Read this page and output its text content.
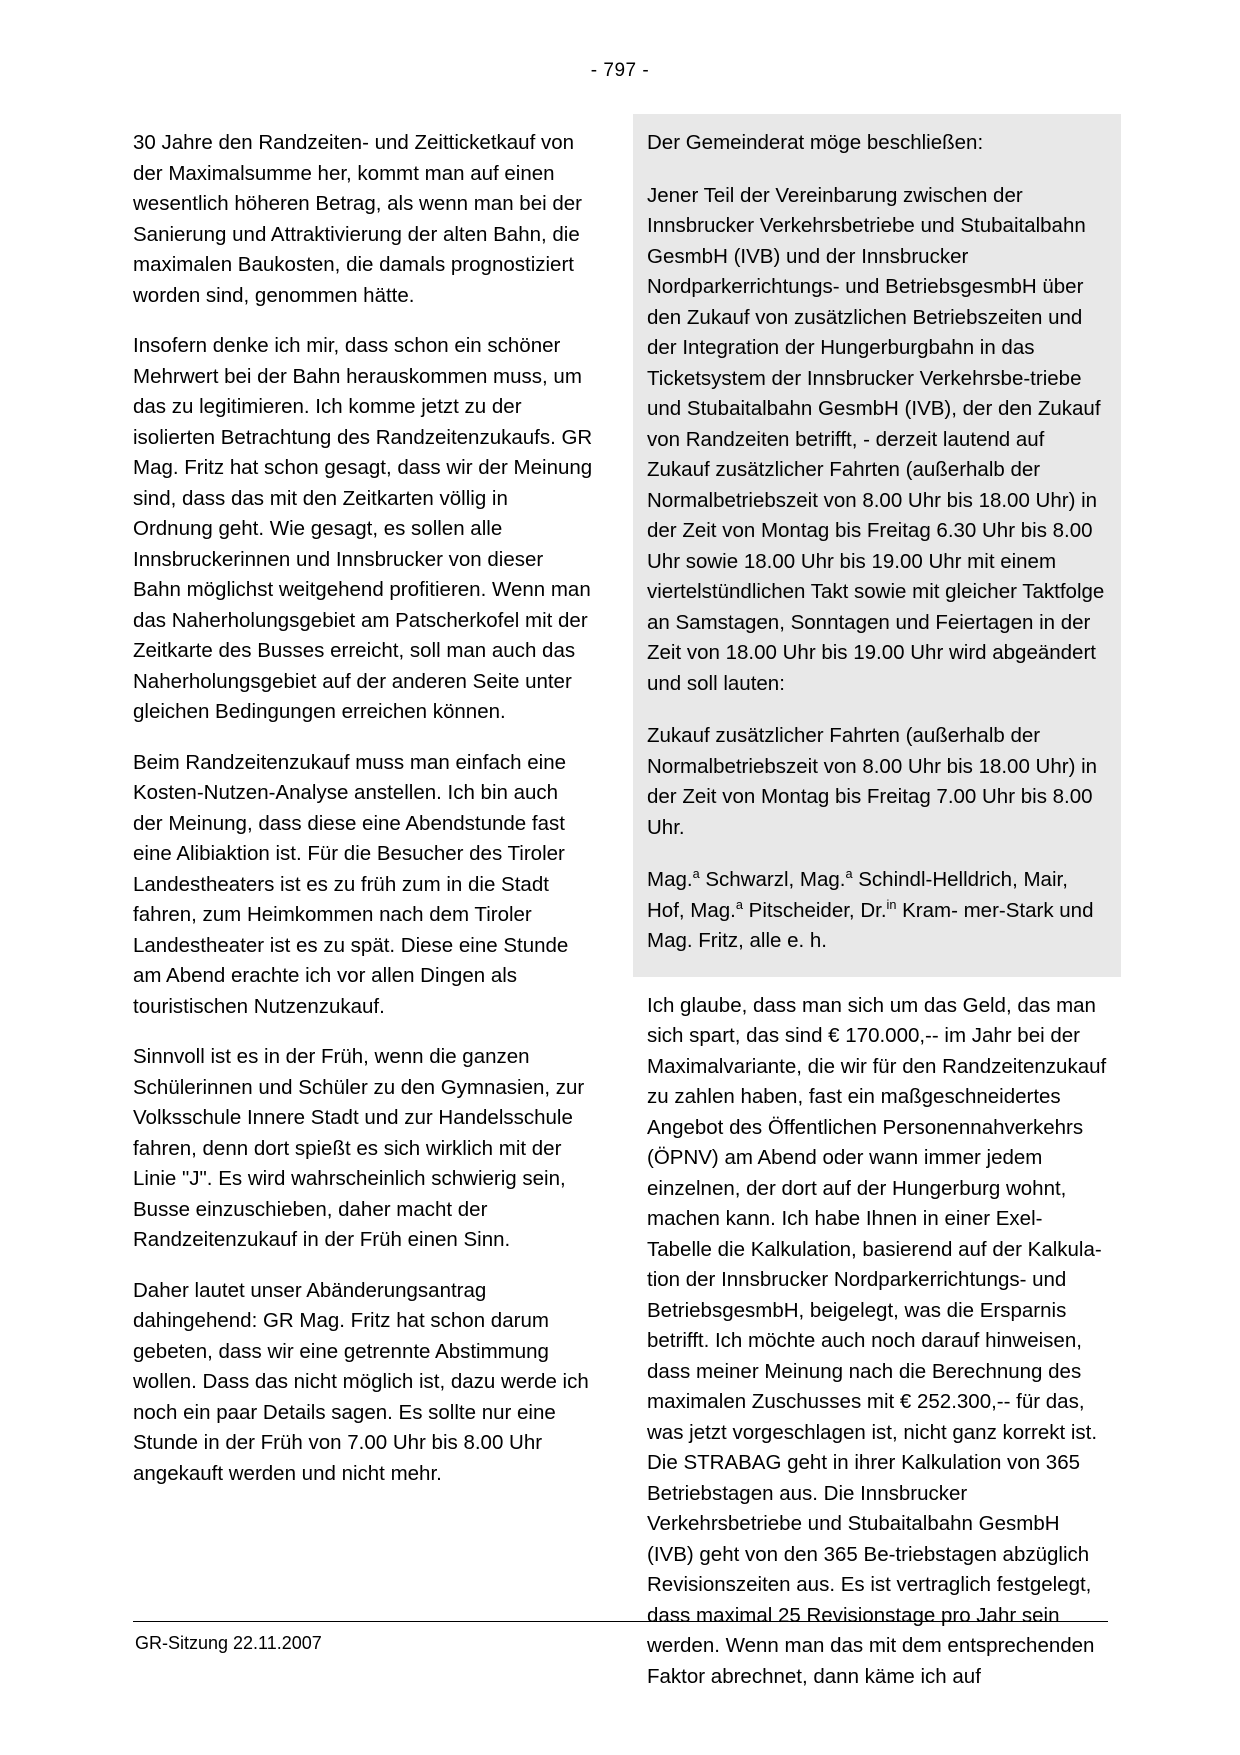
- 797 -

30 Jahre den Randzeiten- und Zeitticketkauf von der Maximalsumme her, kommt man auf einen wesentlich höheren Betrag, als wenn man bei der Sanierung und Attraktivierung der alten Bahn, die maximalen Baukosten, die damals prognostiziert worden sind, genommen hätte.

Insofern denke ich mir, dass schon ein schöner Mehrwert bei der Bahn herauskommen muss, um das zu legitimieren. Ich komme jetzt zu der isolierten Betrachtung des Randzeitenzukaufs. GR Mag. Fritz hat schon gesagt, dass wir der Meinung sind, dass das mit den Zeitkarten völlig in Ordnung geht. Wie gesagt, es sollen alle Innsbruckerinnen und Innsbrucker von dieser Bahn möglichst weitgehend profitieren. Wenn man das Naherholungsgebiet am Patscherkofel mit der Zeitkarte des Busses erreicht, soll man auch das Naherholungsgebiet auf der anderen Seite unter gleichen Bedingungen erreichen können.

Beim Randzeitenzukauf muss man einfach eine Kosten-Nutzen-Analyse anstellen. Ich bin auch der Meinung, dass diese eine Abendstunde fast eine Alibiaktion ist. Für die Besucher des Tiroler Landestheaters ist es zu früh zum in die Stadt fahren, zum Heimkommen nach dem Tiroler Landestheater ist es zu spät. Diese eine Stunde am Abend erachte ich vor allen Dingen als touristischen Nutzenzukauf.

Sinnvoll ist es in der Früh, wenn die ganzen Schülerinnen und Schüler zu den Gymnasien, zur Volksschule Innere Stadt und zur Handelsschule fahren, denn dort spießt es sich wirklich mit der Linie "J". Es wird wahrscheinlich schwierig sein, Busse einzuschieben, daher macht der Randzeitenzukauf in der Früh einen Sinn.

Daher lautet unser Abänderungsantrag dahingehend: GR Mag. Fritz hat schon darum gebeten, dass wir eine getrennte Abstimmung wollen. Dass das nicht möglich ist, dazu werde ich noch ein paar Details sagen. Es sollte nur eine Stunde in der Früh von 7.00 Uhr bis 8.00 Uhr angekauft werden und nicht mehr.

Der Gemeinderat möge beschließen:

Jener Teil der Vereinbarung zwischen der Innsbrucker Verkehrsbetriebe und Stubaitalbahn GesmbH (IVB) und der Innsbrucker Nordparkerrichtungs- und BetriebsgesmbH über den Zukauf von zusätzlichen Betriebszeiten und der Integration der Hungerburgbahn in das Ticketsystem der Innsbrucker Verkehrsbe-triebe und Stubaitalbahn GesmbH (IVB), der den Zukauf von Randzeiten betrifft, - derzeit lautend auf Zukauf zusätzlicher Fahrten (außerhalb der Normalbetriebszeit von 8.00 Uhr bis 18.00 Uhr) in der Zeit von Montag bis Freitag 6.30 Uhr bis 8.00 Uhr sowie 18.00 Uhr bis 19.00 Uhr mit einem viertelstündlichen Takt sowie mit gleicher Taktfolge an Samstagen, Sonntagen und Feiertagen in der Zeit von 18.00 Uhr bis 19.00 Uhr wird abgeändert und soll lauten:

Zukauf zusätzlicher Fahrten (außerhalb der Normalbetriebszeit von 8.00 Uhr bis 18.00 Uhr) in der Zeit von Montag bis Freitag 7.00 Uhr bis 8.00 Uhr.

Mag.$^a$ Schwarzl, Mag.$^a$ Schindl-Helldrich, Mair, Hof, Mag.$^a$ Pitscheider, Dr.$^{in}$ Kram- mer-Stark und Mag. Fritz, alle e. h.

Ich glaube, dass man sich um das Geld, das man sich spart, das sind € 170.000,-- im Jahr bei der Maximalvariante, die wir für den Randzeitenzukauf zu zahlen haben, fast ein maßgeschneidertes Angebot des Öffentlichen Personennahverkehrs (ÖPNV) am Abend oder wann immer jedem einzelnen, der dort auf der Hungerburg wohnt, machen kann. Ich habe Ihnen in einer Exel-Tabelle die Kalkulation, basierend auf der Kalkula-tion der Innsbrucker Nordparkerrichtungs- und BetriebsgesmbH, beigelegt, was die Ersparnis betrifft. Ich möchte auch noch darauf hinweisen, dass meiner Meinung nach die Berechnung des maximalen Zuschusses mit € 252.300,-- für das, was jetzt vorgeschlagen ist, nicht ganz korrekt ist. Die STRABAG geht in ihrer Kalkulation von 365 Betriebstagen aus. Die Innsbrucker Verkehrsbetriebe und Stubaitalbahn GesmbH (IVB) geht von den 365 Be-triebstagen abzüglich Revisionszeiten aus. Es ist vertraglich festgelegt, dass maximal 25 Revisionstage pro Jahr sein werden. Wenn man das mit dem entsprechenden Faktor abrechnet, dann käme ich auf

GR-Sitzung 22.11.2007
